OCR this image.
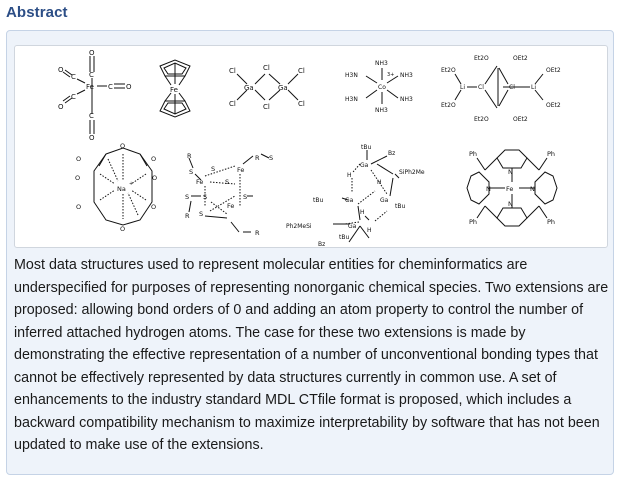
Abstract
O
C
O
C
Fe C O
C
O
C
O
Fe
Cl	Cl	Cl
Ga	Ga
Cl	Cl	Cl
NH3
H3N	NH3
Co
H3N	NH3
NH3
3+
Et2O
OEt2
Et2O
OEt2
Li Cl	Cl	Li
Et2O	OEt2
Et2O	OEt2
O
O
O
O	O
O	O
O
Na
+
R
S	S
Fe
Fe
S
S
R
S
Fe
S
S
R S
R
tBu
Bz
Ga
SiPh2Me
H
H
tBu	Ga	Ga
tBu
H
Ga
Ph2MeSi
H
Bz
tBu
Ph	Ph
N
Fe
N	N
N
Ph	Ph

Most data structures used to represent molecular entities for cheminformatics are underspecified for purposes of representing nonorganic chemical species. Two extensions are proposed: allowing bond orders of 0 and adding an atom property to control the number of inferred attached hydrogen atoms. The case for these two extensions is made by demonstrating the effective representation of a number of unconventional bonding types that cannot be effectively represented by data structures currently in common use. A set of enhancements to the industry standard MDL CTfile format is proposed, which includes a backward compatibility mechanism to maximize interpretability by software that has not been updated to make use of the extensions.
